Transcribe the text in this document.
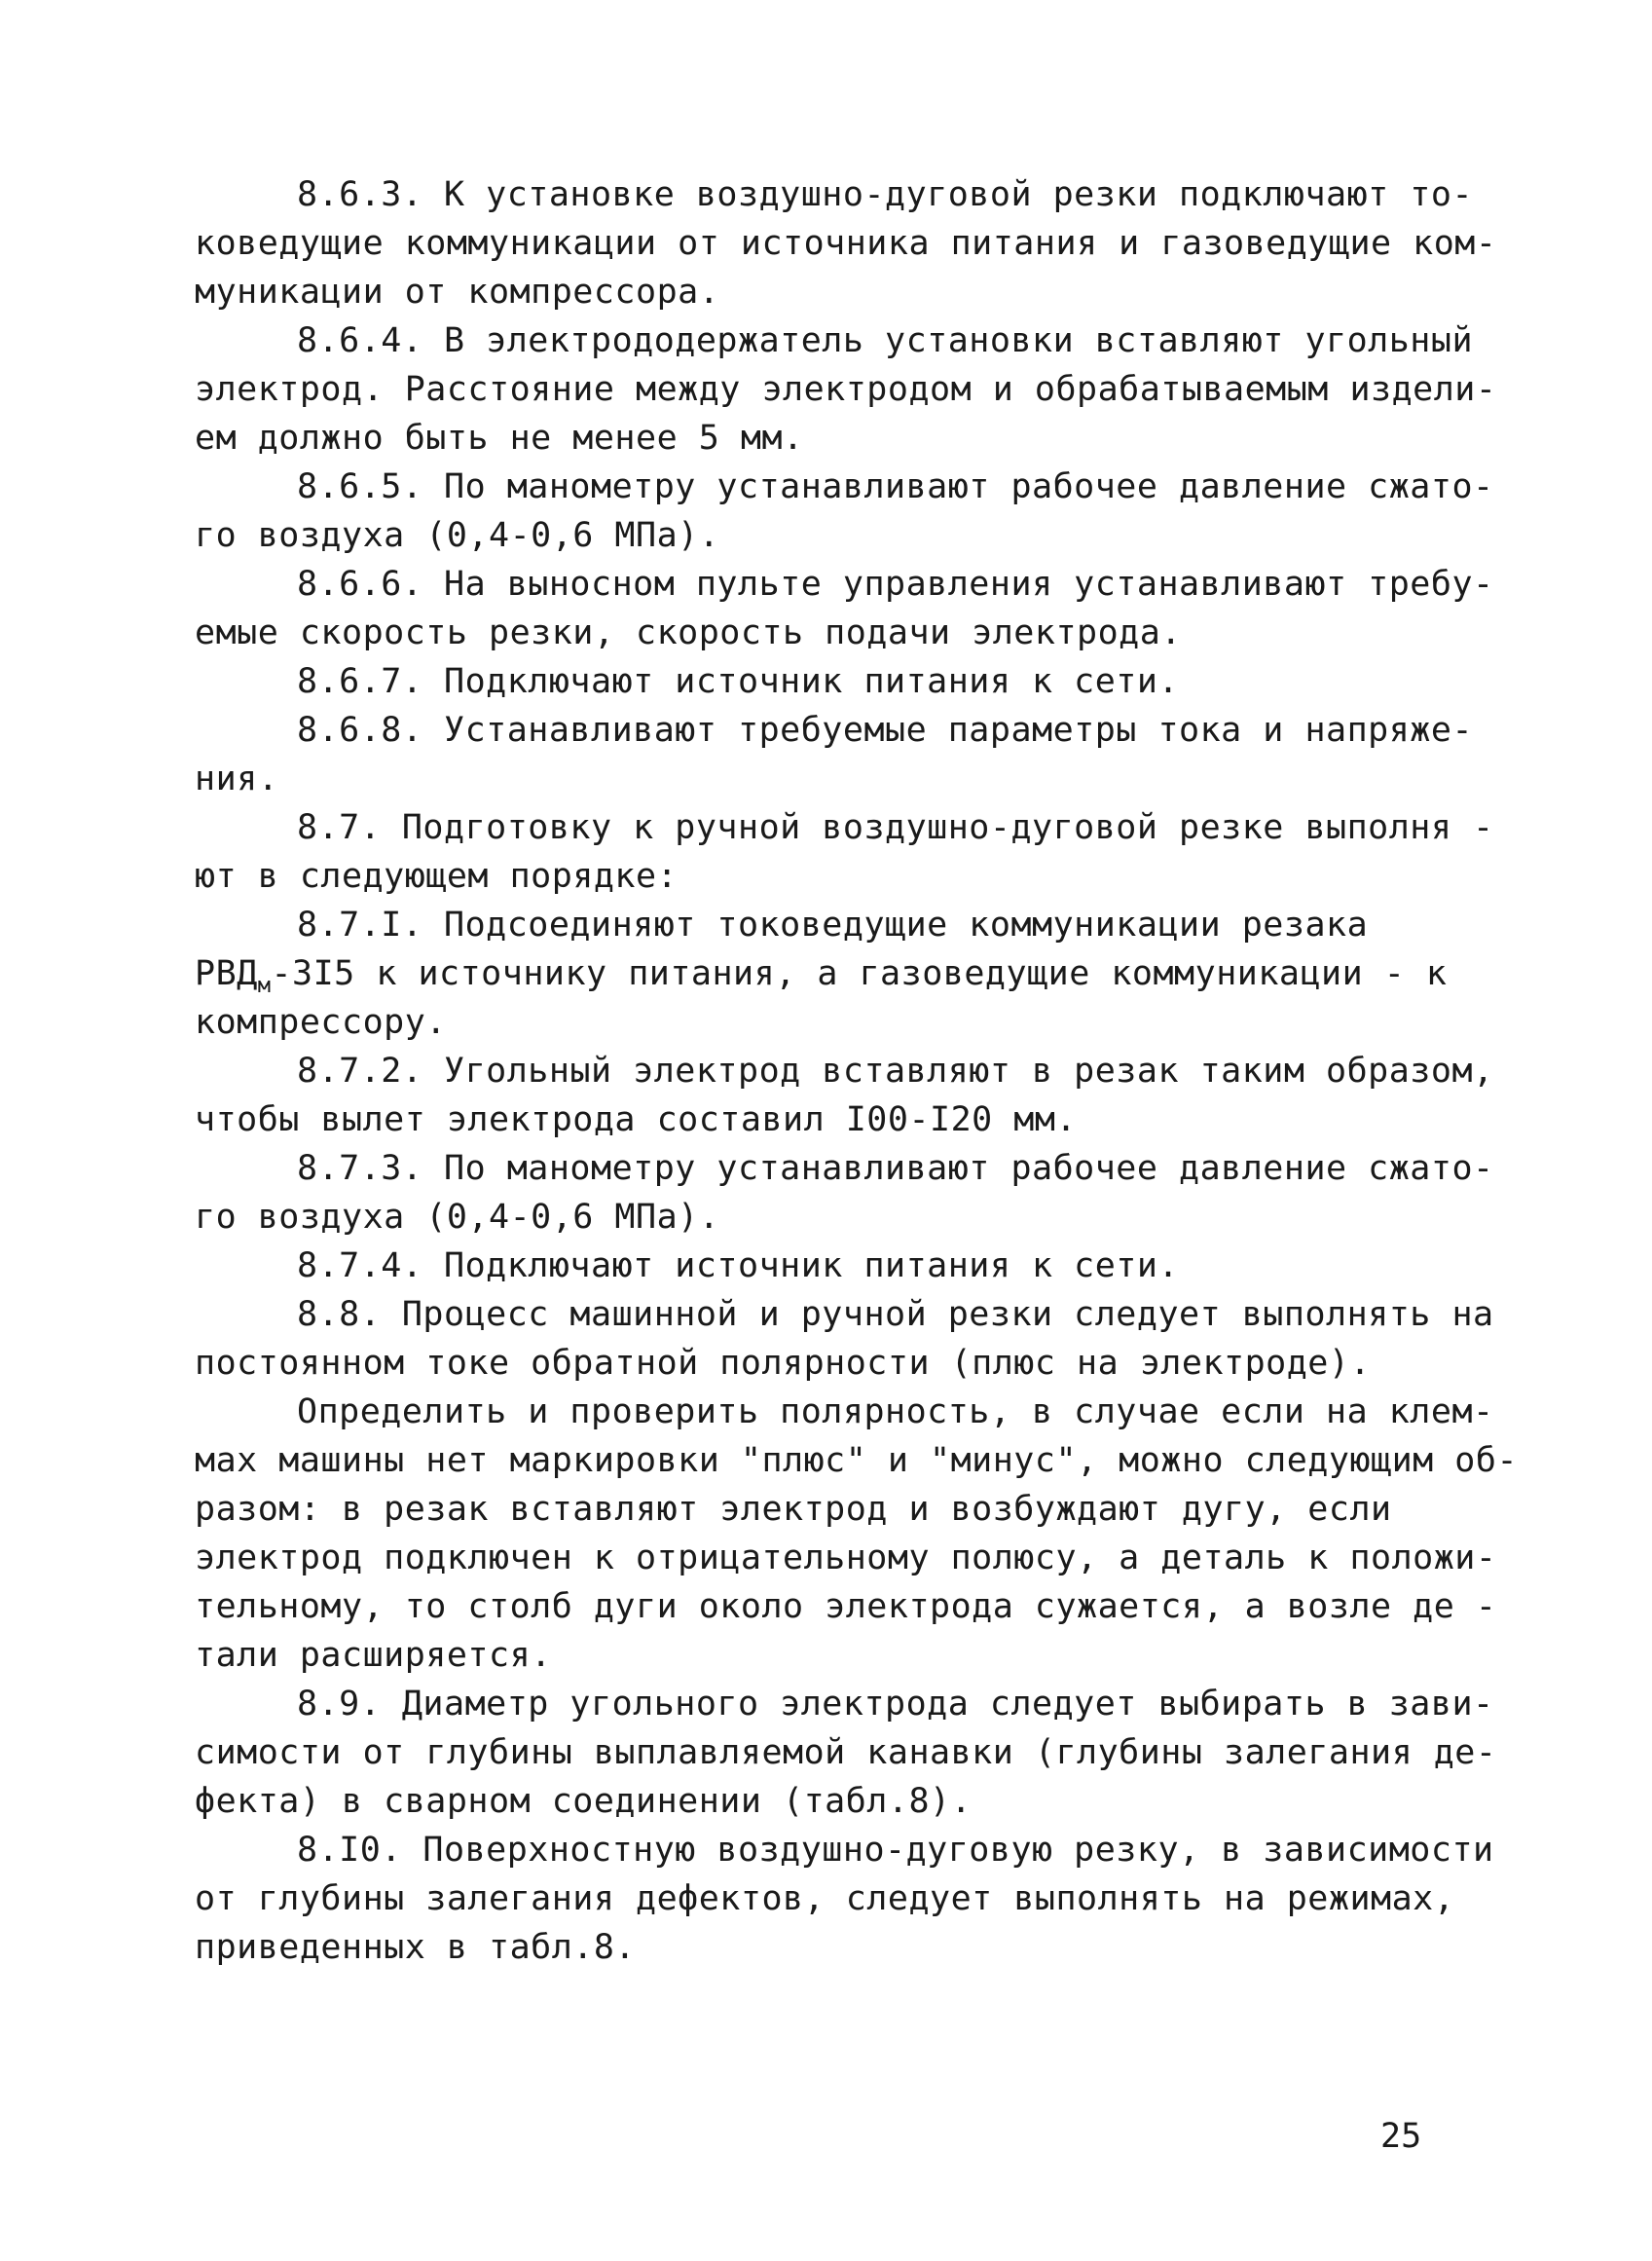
8.6.3. К установке воздушно-дуговой резки подключают то-
коведущие коммуникации от источника питания и газоведущие ком-
муникации от компрессора.
8.6.4. В электрододержатель установки вставляют угольный
электрод. Расстояние между электродом и обрабатываемым издели-
ем должно быть не менее 5 мм.
8.6.5. По манометру устанавливают рабочее давление сжато-
го воздуха (0,4-0,6 МПа).
8.6.6. На выносном пульте управления устанавливают требу-
емые скорость резки, скорость подачи электрода.
8.6.7. Подключают источник питания к сети.
8.6.8. Устанавливают требуемые параметры тока и напряже-
ния.
8.7. Подготовку к ручной воздушно-дуговой резке выполня -
ют в следующем порядке:
8.7.I. Подсоединяют токоведущие коммуникации резака
$РВД_м-3I5$ к источнику питания, а газоведущие коммуникации - к
компрессору.
8.7.2. Угольный электрод вставляют в резак таким образом,
чтобы вылет электрода составил I00-I20 мм.
8.7.3. По манометру устанавливают рабочее давление сжато-
го воздуха (0,4-0,6 МПа).
8.7.4. Подключают источник питания к сети.
8.8. Процесс машинной и ручной резки следует выполнять на
постоянном токе обратной полярности (плюс на электроде).
Определить и проверить полярность, в случае если на клем-
мах машины нет маркировки "плюс" и "минус", можно следующим об-
разом: в резак вставляют электрод и возбуждают дугу, если
электрод подключен к отрицательному полюсу, а деталь к положи-
тельному, то столб дуги около электрода сужается, а возле де -
тали расширяется.
8.9. Диаметр угольного электрода следует выбирать в зави-
симости от глубины выплавляемой канавки (глубины залегания де-
фекта) в сварном соединении (табл.8).
8.I0. Поверхностную воздушно-дуговую резку, в зависимости
от глубины залегания дефектов, следует выполнять на режимах,
приведенных в табл.8.
25
